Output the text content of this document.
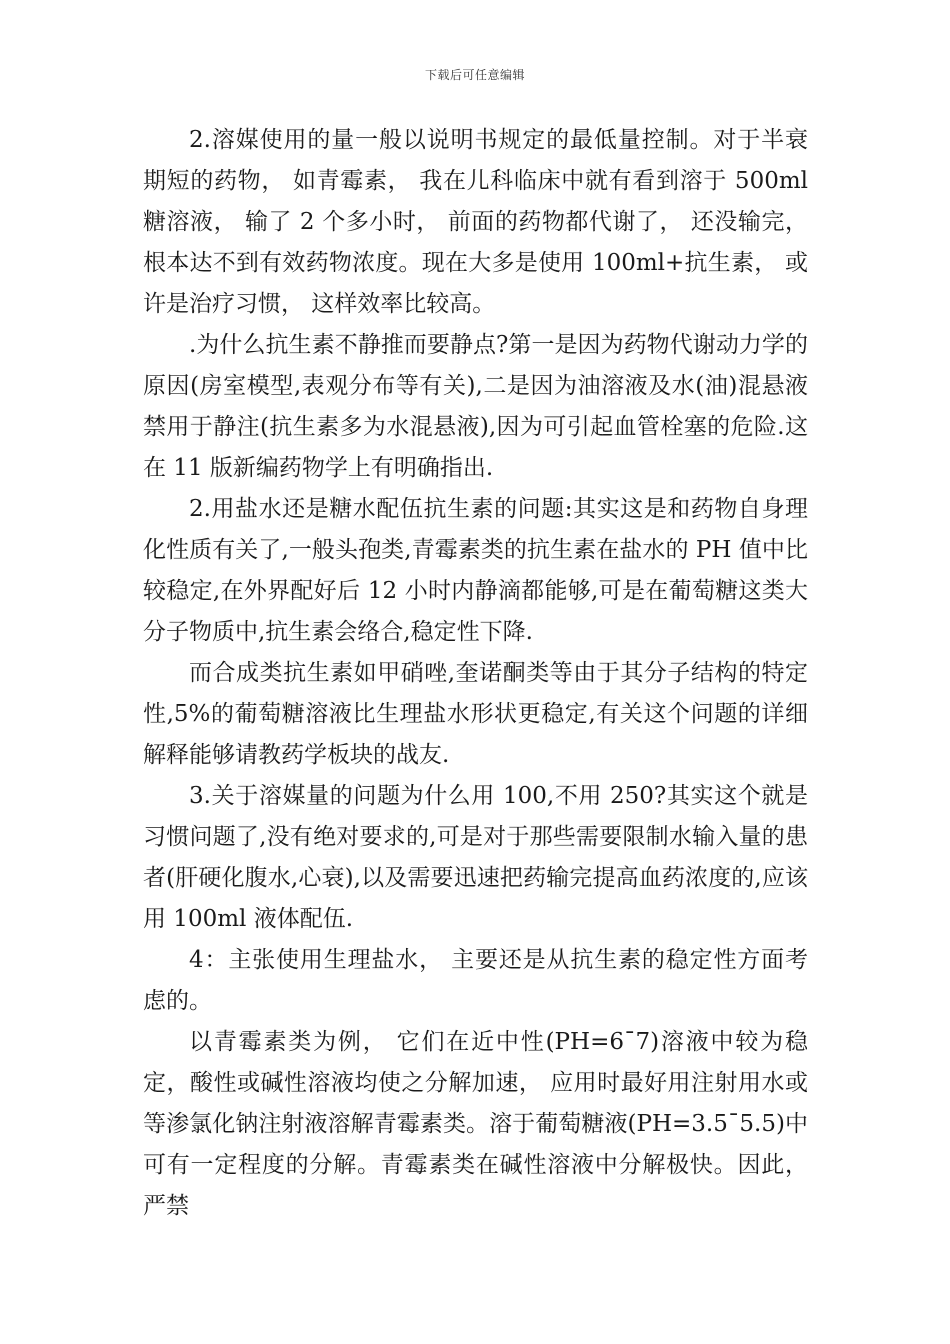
下载后可任意编辑

2.溶媒使用的量一般以说明书规定的最低量控制。对于半衰期短的药物， 如青霉素， 我在儿科临床中就有看到溶于 500ml 糖溶液， 输了 2 个多小时， 前面的药物都代谢了， 还没输完， 根本达不到有效药物浓度。现在大多是使用 100ml+抗生素， 或许是治疗习惯， 这样效率比较高。

.为什么抗生素不静推而要静点?第一是因为药物代谢动力学的原因(房室模型,表观分布等有关),二是因为油溶液及水(油)混悬液禁用于静注(抗生素多为水混悬液),因为可引起血管栓塞的危险.这在 11 版新编药物学上有明确指出.

2.用盐水还是糖水配伍抗生素的问题:其实这是和药物自身理化性质有关了,一般头孢类,青霉素类的抗生素在盐水的 PH 值中比较稳定,在外界配好后 12 小时内静滴都能够,可是在葡萄糖这类大分子物质中,抗生素会络合,稳定性下降.

而合成类抗生素如甲硝唑,奎诺酮类等由于其分子结构的特定性,5%的葡萄糖溶液比生理盐水形状更稳定,有关这个问题的详细解释能够请教药学板块的战友.

3.关于溶媒量的问题为什么用 100,不用 250?其实这个就是习惯问题了,没有绝对要求的,可是对于那些需要限制水输入量的患者(肝硬化腹水,心衰),以及需要迅速把药输完提高血药浓度的,应该用 100ml 液体配伍.

4：主张使用生理盐水， 主要还是从抗生素的稳定性方面考虑的。

以青霉素类为例， 它们在近中性(PH=6¯7)溶液中较为稳定，酸性或碱性溶液均使之分解加速， 应用时最好用注射用水或等渗氯化钠注射液溶解青霉素类。溶于葡萄糖液(PH=3.5¯5.5)中可有一定程度的分解。青霉素类在碱性溶液中分解极快。因此， 严禁
